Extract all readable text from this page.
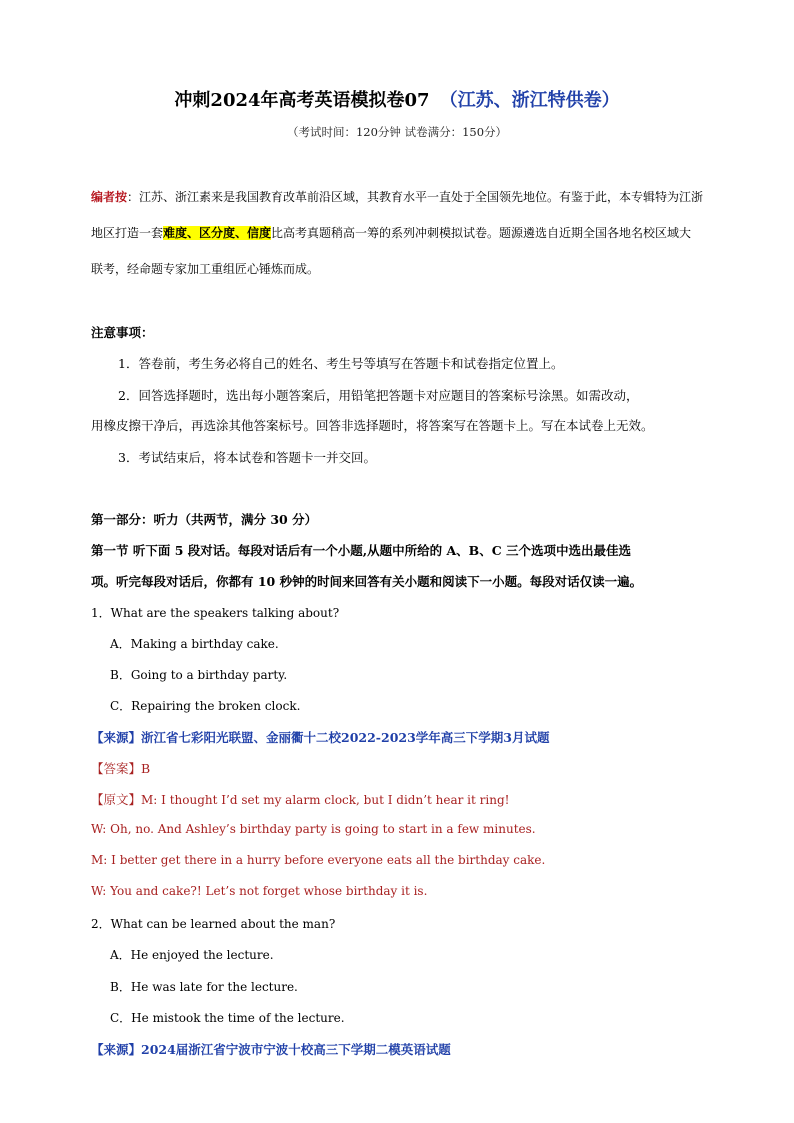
冲刺2024年高考英语模拟卷07 （江苏、浙江特供卷）
（考试时间：120分钟 试卷满分：150分）
编者按：江苏、浙江素来是我国教育改革前沿区域，其教育水平一直处于全国领先地位。有鉴于此，本专辑特为江浙
地区打造一套难度、区分度、信度比高考真题稍高一筹的系列冲刺模拟试卷。题源遴选自近期全国各地名校区域大
联考，经命题专家加工重组匠心锤炼而成。
注意事项：
1．答卷前，考生务必将自己的姓名、考生号等填写在答题卡和试卷指定位置上。
2．回答选择题时，选出每小题答案后，用铅笔把答题卡对应题目的答案标号涂黑。如需改动，
用橡皮擦干净后，再选涂其他答案标号。回答非选择题时，将答案写在答题卡上。写在本试卷上无效。
3．考试结束后，将本试卷和答题卡一并交回。
第一部分：听力（共两节，满分 30 分）
第一节 听下面 5 段对话。每段对话后有一个小题,从题中所给的 A、B、C 三个选项中选出最佳选
项。听完每段对话后，你都有 10 秒钟的时间来回答有关小题和阅读下一小题。每段对话仅读一遍。
1．What are the speakers talking about?
A．Making a birthday cake.
B．Going to a birthday party.
C．Repairing the broken clock.
【来源】浙江省七彩阳光联盟、金丽衢十二校2022-2023学年高三下学期3月试题
【答案】B
【原文】M: I thought I’d set my alarm clock, but I didn’t hear it ring!
W: Oh, no. And Ashley’s birthday party is going to start in a few minutes.
M: I better get there in a hurry before everyone eats all the birthday cake.
W: You and cake?! Let’s not forget whose birthday it is.
2．What can be learned about the man?
A．He enjoyed the lecture.
B．He was late for the lecture.
C．He mistook the time of the lecture.
【来源】2024届浙江省宁波市宁波十校高三下学期二模英语试题
